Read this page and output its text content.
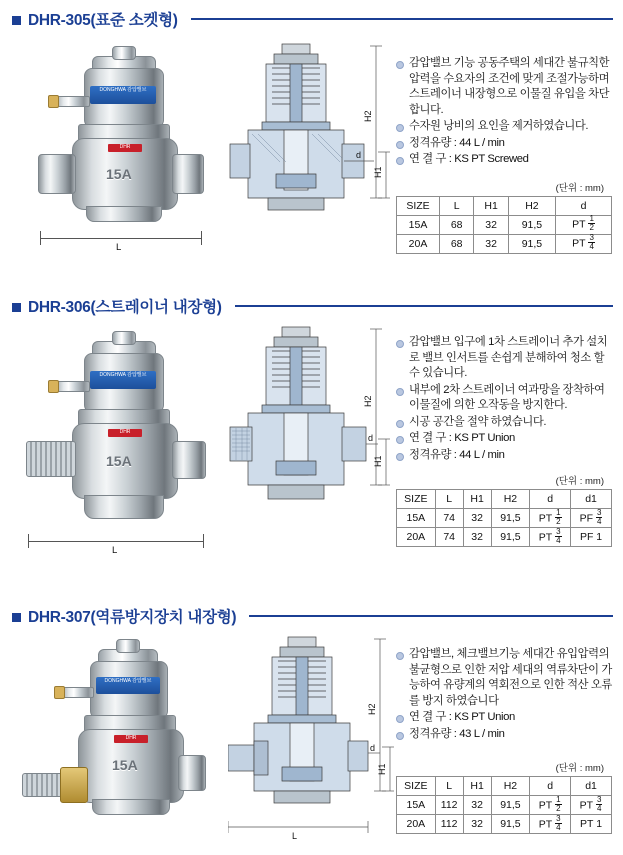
DHR-305(표준 소켓형)
DONGHWA 감압밸브
DHR
15A
L
H2
H1
d
감압밸브 기능 공동주택의 세대간 불규칙한 압력을 수요자의 조건에 맞게 조절가능하며 스트레이너 내장형으로 이물질 유입을 차단 합니다.
수자원 낭비의 요인을 제거하였습니다.
정격유량 : 44 L / min
연 결 구 : KS PT Screwed
(단위 : mm)
SIZE	L	H1	H2	d
15A	68	32	91,5	PT $\frac{1}{2}$

20A	68	32	91,5	PT $\frac{3}{4}$
DHR-306(스트레이너 내장형)
DONGHWA 감압밸브
DHR
15A
L
H2
H1
d
감압밸브 입구에 1차 스트레이너 추가 설치로 밸브 인서트를 손쉽게 분해하여 청소 할 수 있습니다.
내부에 2차 스트레이너 여과망을 장착하여 이물질에 의한 오작동을 방지한다.
시공 공간을 절약 하였습니다.
연 결 구 : KS PT Union
정격유량 : 44 L / min
(단위 : mm)
SIZE	L	H1	H2	d	d1
15A	74	32	91,5	PT $\frac{1}{2}$	PF $\frac{3}{4}$

20A	74	32	91,5	PT $\frac{3}{4}$	PF 1
DHR-307(역류방지장치 내장형)
DONGHWA 감압밸브
DHR
15A
H2
H1
d
L
감압밸브, 체크밸브기능 세대간 유입압력의 불균형으로 인한 저압 세대의 역류차단이 가능하여 유량계의 역회전으로 인한 적산 오류를 방지 하였습니다
연 결 구 : KS PT Union
정격유량 : 43 L / min
(단위 : mm)
SIZE	L	H1	H2	d	d1
15A	112	32	91,5	PT $\frac{1}{2}$	PT $\frac{3}{4}$

20A	112	32	91,5	PT $\frac{3}{4}$	PT 1
